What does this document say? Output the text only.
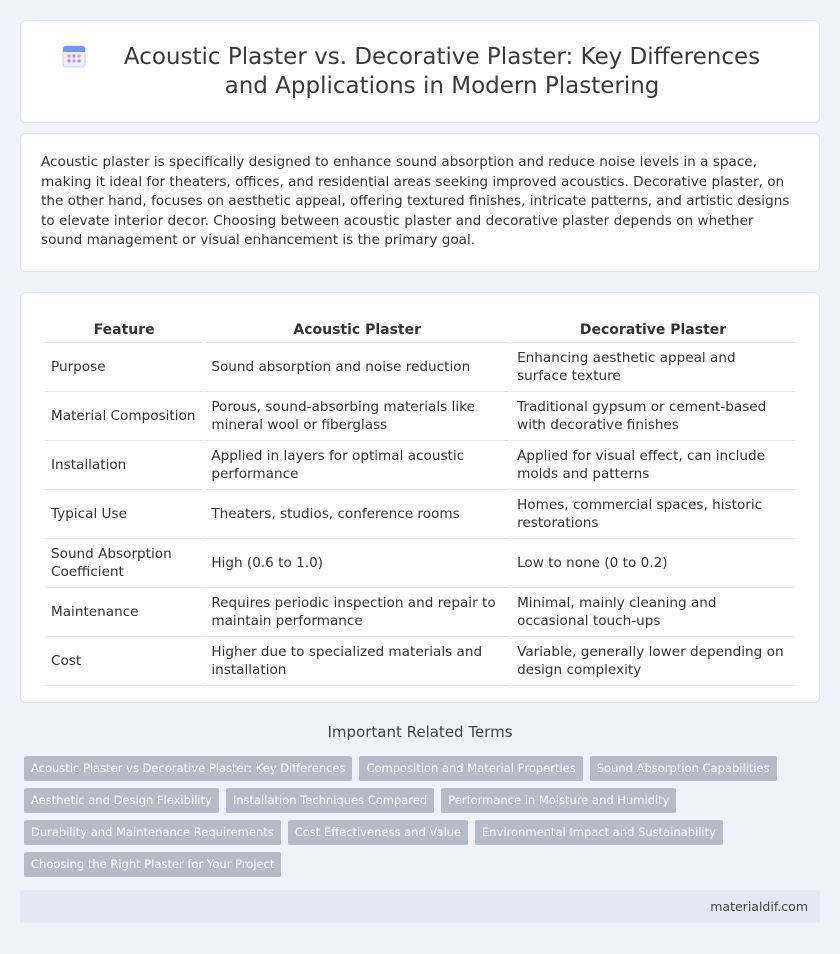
Acoustic Plaster vs. Decorative Plaster: Key Differences and Applications in Modern Plastering

Acoustic plaster is specifically designed to enhance sound absorption and reduce noise levels in a space, making it ideal for theaters, offices, and residential areas seeking improved acoustics. Decorative plaster, on the other hand, focuses on aesthetic appeal, offering textured finishes, intricate patterns, and artistic designs to elevate interior decor. Choosing between acoustic plaster and decorative plaster depends on whether sound management or visual enhancement is the primary goal.

Feature	Acoustic Plaster	Decorative Plaster
Purpose	Sound absorption and noise reduction	Enhancing aesthetic appeal and surface texture
Material Composition	Porous, sound-absorbing materials like mineral wool or fiberglass	Traditional gypsum or cement-based with decorative finishes
Installation	Applied in layers for optimal acoustic performance	Applied for visual effect, can include molds and patterns
Typical Use	Theaters, studios, conference rooms	Homes, commercial spaces, historic restorations
Sound Absorption Coefficient	High (0.6 to 1.0)	Low to none (0 to 0.2)
Maintenance	Requires periodic inspection and repair to maintain performance	Minimal, mainly cleaning and occasional touch-ups
Cost	Higher due to specialized materials and installation	Variable, generally lower depending on design complexity
Important Related Terms
Acoustic Plaster vs Decorative Plaster: Key Differences	Composition and Material Properties	Sound Absorption Capabilities
Aesthetic and Design Flexibility	Installation Techniques Compared	Performance in Moisture and Humidity
Durability and Maintenance Requirements	Cost Effectiveness and Value	Environmental Impact and Sustainability
Choosing the Right Plaster for Your Project
materialdif.com
